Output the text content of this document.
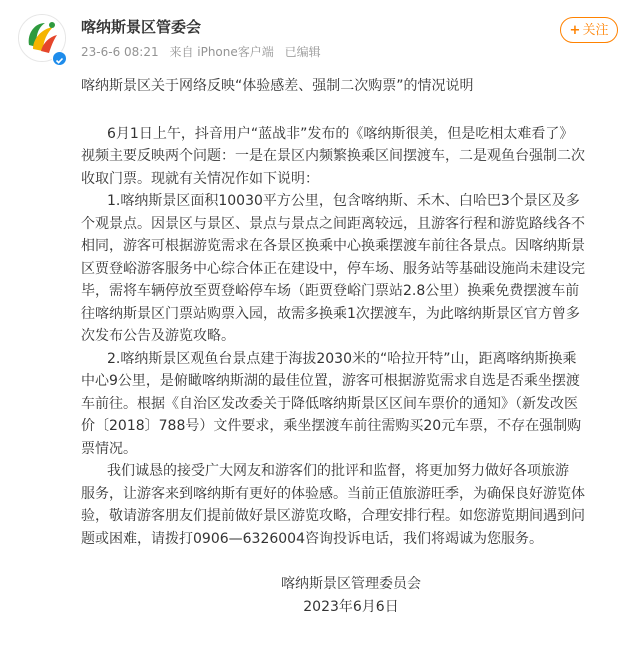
喀纳斯景区管委会
23-6-6 08:21 来自 iPhone客户端 已编辑
+ 关注

喀纳斯景区关于网络反映“体验感差、强制二次购票”的情况说明

6月1日上午，抖音用户“蓝战非”发布的《喀纳斯很美，但是吃相太难看了》

视频主要反映两个问题：一是在景区内频繁换乘区间摆渡车，二是观鱼台强制二次

收取门票。现就有关情况作如下说明：

1.喀纳斯景区面积10030平方公里，包含喀纳斯、禾木、白哈巴3个景区及多

个观景点。因景区与景区、景点与景点之间距离较远，且游客行程和游览路线各不

相同，游客可根据游览需求在各景区换乘中心换乘摆渡车前往各景点。因喀纳斯景

区贾登峪游客服务中心综合体正在建设中，停车场、服务站等基础设施尚未建设完

毕，需将车辆停放至贾登峪停车场（距贾登峪门票站2.8公里）换乘免费摆渡车前

往喀纳斯景区门票站购票入园，故需多换乘1次摆渡车，为此喀纳斯景区官方曾多

次发布公告及游览攻略。

2.喀纳斯景区观鱼台景点建于海拔2030米的“哈拉开特”山，距离喀纳斯换乘

中心9公里，是俯瞰喀纳斯湖的最佳位置，游客可根据游览需求自选是否乘坐摆渡

车前往。根据《自治区发改委关于降低喀纳斯景区区间车票价的通知》（新发改医

价〔2018〕788号）文件要求，乘坐摆渡车前往需购买20元车票，不存在强制购

票情况。

我们诚恳的接受广大网友和游客们的批评和监督，将更加努力做好各项旅游

服务，让游客来到喀纳斯有更好的体验感。当前正值旅游旺季，为确保良好游览体

验，敬请游客朋友们提前做好景区游览攻略，合理安排行程。如您游览期间遇到问

题或困难，请拨打0906—6326004咨询投诉电话，我们将竭诚为您服务。

喀纳斯景区管理委员会

2023年6月6日
